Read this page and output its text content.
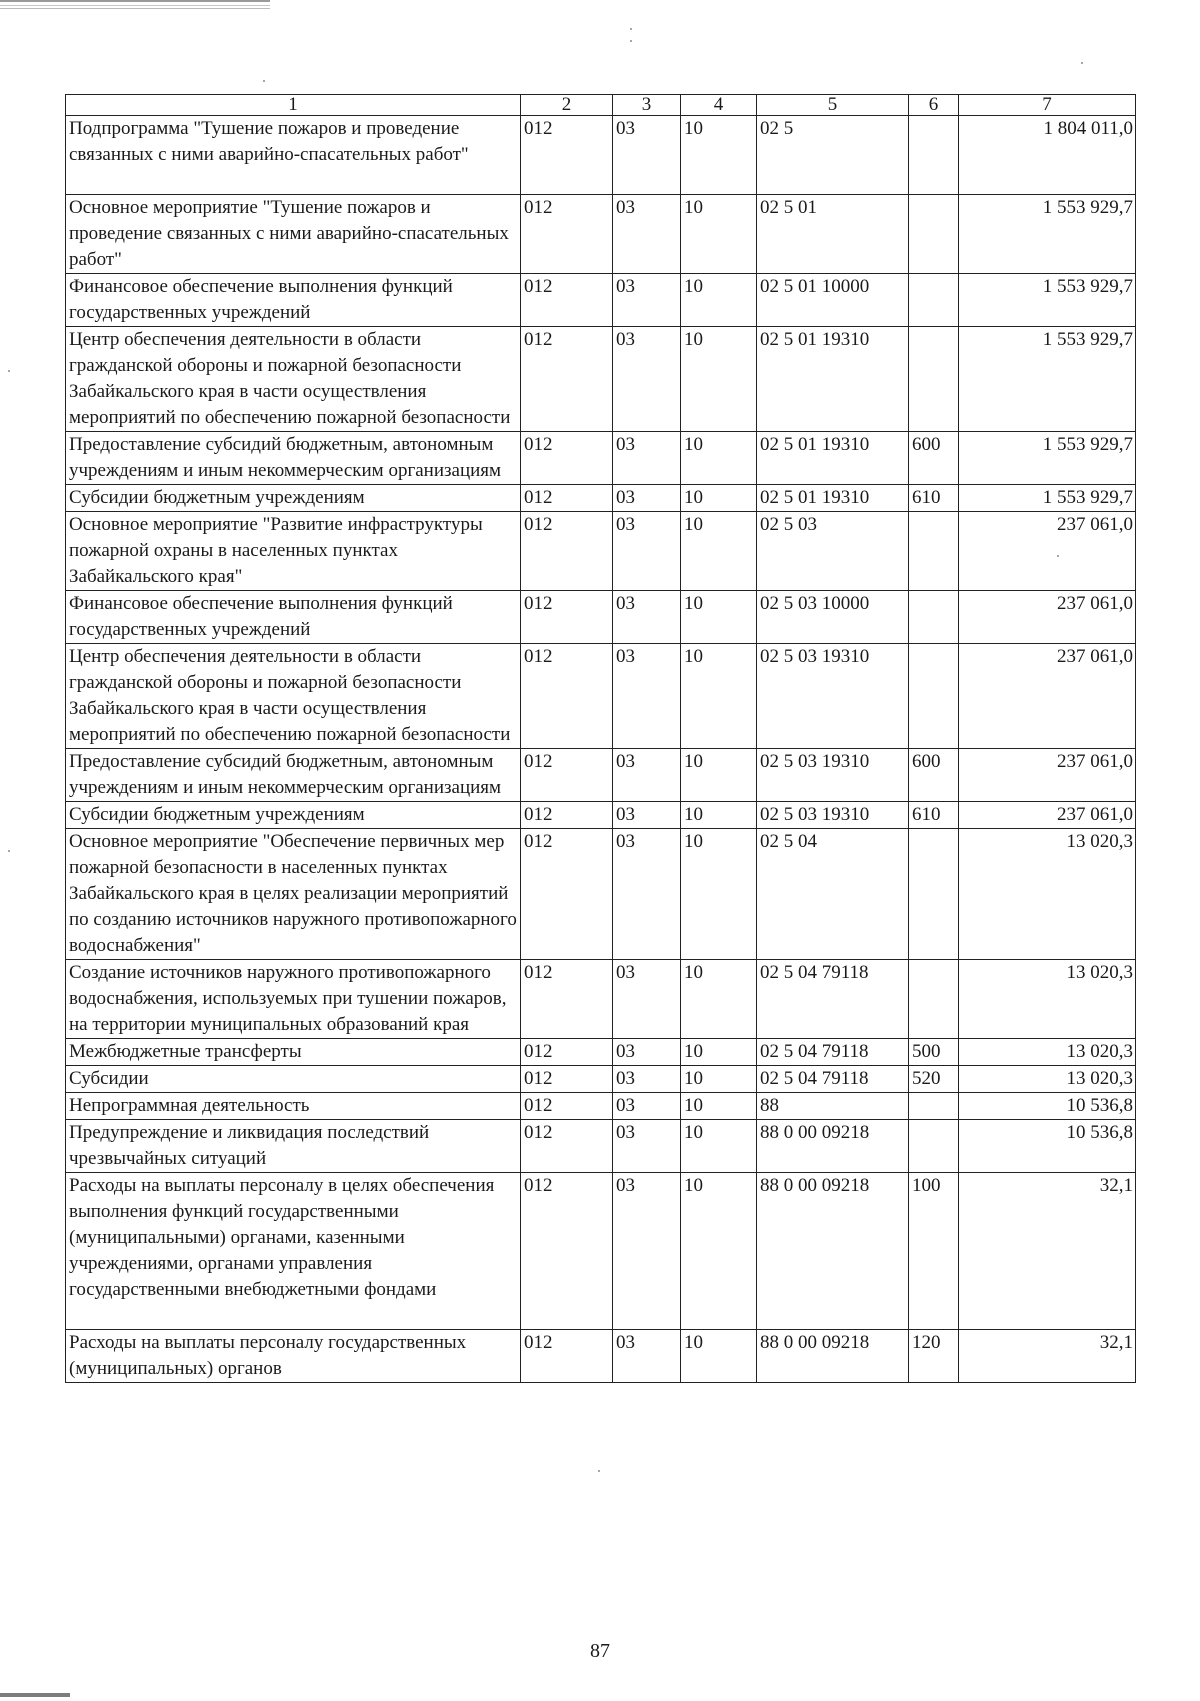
1	2	3	4	5	6	7
Подпрограмма "Тушение пожаров и проведение связанных с ними аварийно-спасательных работ"	012	03	10	02 5		1 804 011,0
Основное мероприятие "Тушение пожаров и проведение связанных с ними аварийно-спасательных работ"	012	03	10	02 5 01		1 553 929,7
Финансовое обеспечение выполнения функций государственных учреждений	012	03	10	02 5 01 10000		1 553 929,7
Центр обеспечения деятельности в области гражданской обороны и пожарной безопасности Забайкальского края в части осуществления мероприятий по обеспечению пожарной безопасности	012	03	10	02 5 01 19310		1 553 929,7
Предоставление субсидий бюджетным, автономным учреждениям и иным некоммерческим организациям	012	03	10	02 5 01 19310	600	1 553 929,7
Субсидии бюджетным учреждениям	012	03	10	02 5 01 19310	610	1 553 929,7
Основное мероприятие "Развитие инфраструктуры пожарной охраны в населенных пунктах Забайкальского края"	012	03	10	02 5 03		237 061,0
Финансовое обеспечение выполнения функций государственных учреждений	012	03	10	02 5 03 10000		237 061,0
Центр обеспечения деятельности в области гражданской обороны и пожарной безопасности Забайкальского края в части осуществления мероприятий по обеспечению пожарной безопасности	012	03	10	02 5 03 19310		237 061,0
Предоставление субсидий бюджетным, автономным учреждениям и иным некоммерческим организациям	012	03	10	02 5 03 19310	600	237 061,0
Субсидии бюджетным учреждениям	012	03	10	02 5 03 19310	610	237 061,0
Основное мероприятие "Обеспечение первичных мер пожарной безопасности в населенных пунктах Забайкальского края в целях реализации мероприятий по созданию источников наружного противопожарного водоснабжения"	012	03	10	02 5 04		13 020,3
Создание источников наружного противопожарного водоснабжения, используемых при тушении пожаров, на территории муниципальных образований края	012	03	10	02 5 04 79118		13 020,3
Межбюджетные трансферты	012	03	10	02 5 04 79118	500	13 020,3
Субсидии	012	03	10	02 5 04 79118	520	13 020,3
Непрограммная деятельность	012	03	10	88		10 536,8
Предупреждение и ликвидация последствий чрезвычайных ситуаций	012	03	10	88 0 00 09218		10 536,8
Расходы на выплаты персоналу в целях обеспечения выполнения функций государственными (муниципальными) органами, казенными учреждениями, органами управления государственными внебюджетными фондами	012	03	10	88 0 00 09218	100	32,1
Расходы на выплаты персоналу государственных (муниципальных) органов	012	03	10	88 0 00 09218	120	32,1
87
